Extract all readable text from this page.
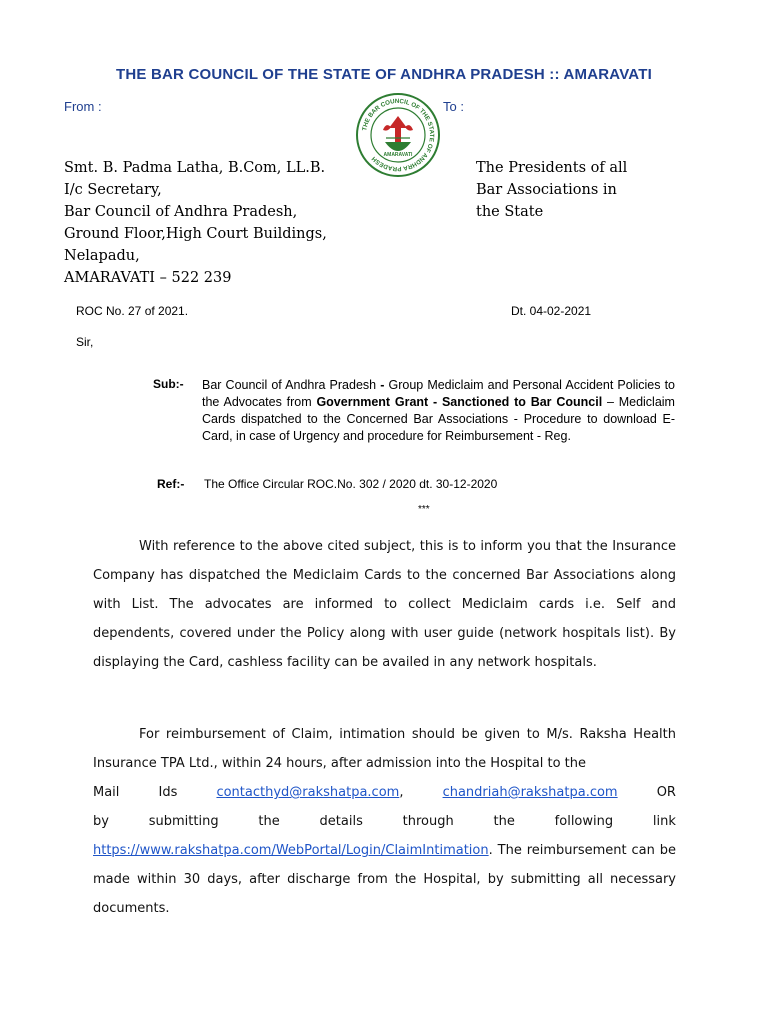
THE BAR COUNCIL OF THE STATE OF ANDHRA PRADESH :: AMARAVATI
From :	To :
THE BAR COUNCIL OF THE STATE OF ANDHRA PRADESH AMARAVATI
Smt. B. Padma Latha, B.Com, LL.B.
I/c Secretary,
Bar Council of Andhra Pradesh,
Ground Floor,High Court Buildings,
Nelapadu,
AMARAVATI – 522 239
The Presidents of all
Bar Associations in
the State
ROC No. 27 of 2021.	Dt. 04-02-2021
Sir,
Sub:- Bar Council of Andhra Pradesh - Group Mediclaim and Personal Accident Policies to the Advocates from Government Grant - Sanctioned to Bar Council – Mediclaim Cards dispatched to the Concerned Bar Associations - Procedure to download E-Card, in case of Urgency and procedure for Reimbursement - Reg.
Ref:- The Office Circular ROC.No. 302 / 2020 dt. 30-12-2020
***
With reference to the above cited subject, this is to inform you that the Insurance Company has dispatched the Mediclaim Cards to the concerned Bar Associations along with List. The advocates are informed to collect Mediclaim cards i.e. Self and dependents, covered under the Policy along with user guide (network hospitals list). By displaying the Card, cashless facility can be availed in any network hospitals.
For reimbursement of Claim, intimation should be given to M/s. Raksha Health Insurance TPA Ltd., within 24 hours, after admission into the Hospital to the
Mail	Ids	contacthyd@rakshatpa.com,	chandriah@rakshatpa.com	OR
by	submitting	the	details	through	the	following	link
https://www.rakshatpa.com/WebPortal/Login/ClaimIntimation. The reimbursement can be made within 30 days, after discharge from the Hospital, by submitting all necessary documents.
